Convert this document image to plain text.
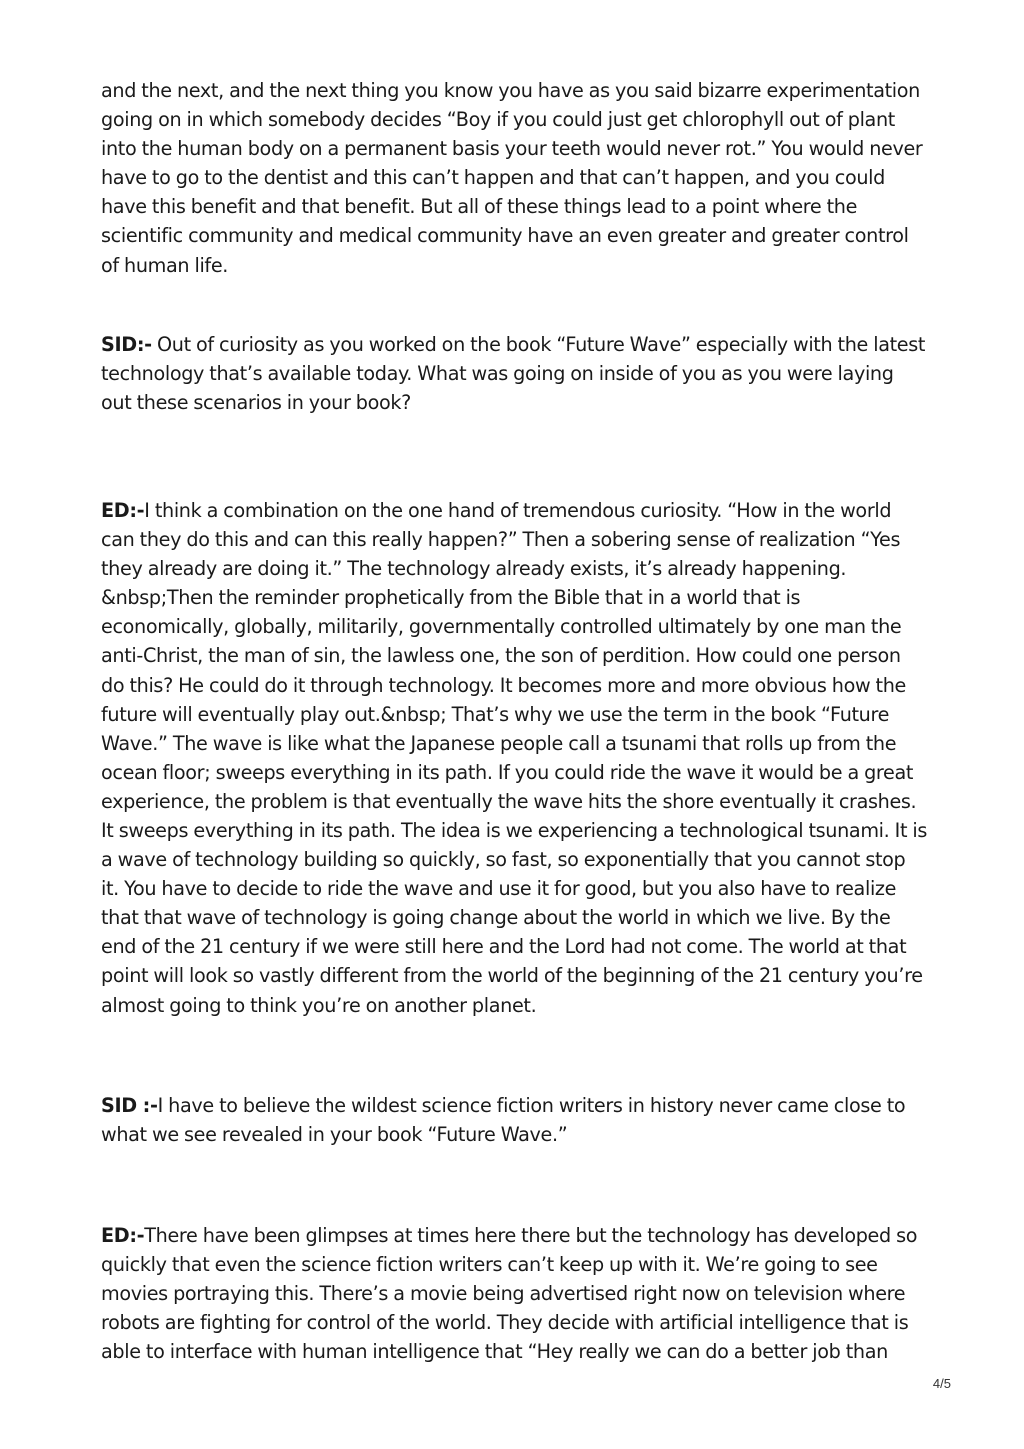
and the next, and the next thing you know you have as you said bizarre experimentation going on in which somebody decides “Boy if you could just get chlorophyll out of plant into the human body on a permanent basis your teeth would never rot.” You would never have to go to the dentist and this can’t happen and that can’t happen, and you could have this benefit and that benefit. But all of these things lead to a point where the scientific community and medical community have an even greater and greater control of human life.

SID:- Out of curiosity as you worked on the book “Future Wave” especially with the latest technology that’s available today. What was going on inside of you as you were laying out these scenarios in your book?

ED:-I think a combination on the one hand of tremendous curiosity. “How in the world can they do this and can this really happen?” Then a sobering sense of realization “Yes they already are doing it.” The technology already exists, it’s already happening. &nbsp;Then the reminder prophetically from the Bible that in a world that is economically, globally, militarily, governmentally controlled ultimately by one man the anti-Christ, the man of sin, the lawless one, the son of perdition. How could one person do this? He could do it through technology. It becomes more and more obvious how the future will eventually play out.&nbsp; That’s why we use the term in the book “Future Wave.” The wave is like what the Japanese people call a tsunami that rolls up from the ocean floor; sweeps everything in its path. If you could ride the wave it would be a great experience, the problem is that eventually the wave hits the shore eventually it crashes. It sweeps everything in its path. The idea is we experiencing a technological tsunami. It is a wave of technology building so quickly, so fast, so exponentially that you cannot stop it. You have to decide to ride the wave and use it for good, but you also have to realize that that wave of technology is going change about the world in which we live. By the end of the 21 century if we were still here and the Lord had not come. The world at that point will look so vastly different from the world of the beginning of the 21 century you’re almost going to think you’re on another planet.

SID :-I have to believe the wildest science fiction writers in history never came close to what we see revealed in your book “Future Wave.”

ED:-There have been glimpses at times here there but the technology has developed so quickly that even the science fiction writers can’t keep up with it. We’re going to see movies portraying this. There’s a movie being advertised right now on television where robots are fighting for control of the world. They decide with artificial intelligence that is able to interface with human intelligence that “Hey really we can do a better job than

4/5
